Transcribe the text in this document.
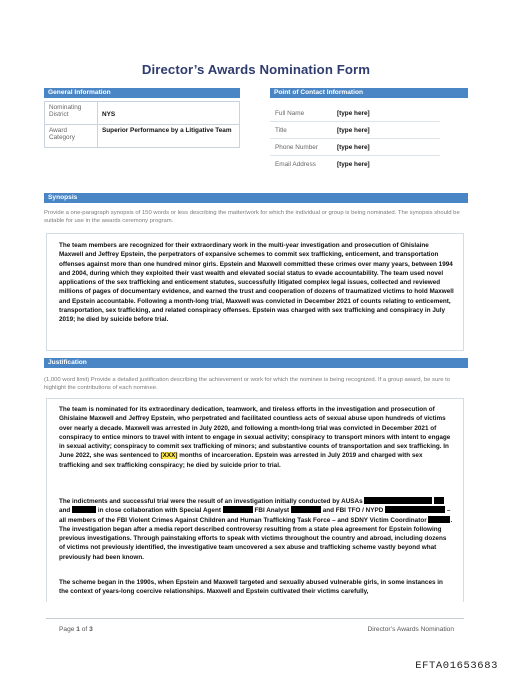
Director’s Awards Nomination Form
General Information
Nominating District	NYS
Award Category	Superior Performance by a Litigative Team
Point of Contact Information
Full Name	[type here]
Title	[type here]
Phone Number	[type here]
Email Address	[type here]
Synopsis
Provide a one-paragraph synopsis of 150 words or less describing the matter/work for which the individual or group is being nominated. The synopsis should be suitable for use in the awards ceremony program.
The team members are recognized for their extraordinary work in the multi-year investigation and prosecution of Ghislaine Maxwell and Jeffrey Epstein, the perpetrators of expansive schemes to commit sex trafficking, enticement, and transportation offenses against more than one hundred minor girls. Epstein and Maxwell committed these crimes over many years, between 1994 and 2004, during which they exploited their vast wealth and elevated social status to evade accountability. The team used novel applications of the sex trafficking and enticement statutes, successfully litigated complex legal issues, collected and reviewed millions of pages of documentary evidence, and earned the trust and cooperation of dozens of traumatized victims to hold Maxwell and Epstein accountable. Following a month-long trial, Maxwell was convicted in December 2021 of counts relating to enticement, transportation, sex trafficking, and related conspiracy offenses. Epstein was charged with sex trafficking and conspiracy in July 2019; he died by suicide before trial.
Justification
(1,000 word limit) Provide a detailed justification describing the achievement or work for which the nominee is being recognized. If a group award, be sure to highlight the contributions of each nominee.
The team is nominated for its extraordinary dedication, teamwork, and tireless efforts in the investigation and prosecution of Ghislaine Maxwell and Jeffrey Epstein, who perpetrated and facilitated countless acts of sexual abuse upon hundreds of victims over nearly a decade. Maxwell was arrested in July 2020, and following a month-long trial was convicted in December 2021 of conspiracy to entice minors to travel with intent to engage in sexual activity; conspiracy to transport minors with intent to engage in sexual activity; conspiracy to commit sex trafficking of minors; and substantive counts of transportation and sex trafficking. In June 2022, she was sentenced to [XXX] months of incarceration. Epstein was arrested in July 2019 and charged with sex trafficking and sex trafficking conspiracy; he died by suicide prior to trial.
The indictments and successful trial were the result of an investigation initially conducted by AUSAs   and	in close collaboration with Special Agent	FBI Analyst	and FBI TFO / NYPD	– all members of the FBI Violent Crimes Against Children and Human Trafficking Task Force – and SDNY Victim Coordinator	. The investigation began after a media report described controversy resulting from a state plea agreement for Epstein following previous investigations. Through painstaking efforts to speak with victims throughout the country and abroad, including dozens of victims not previously identified, the investigative team uncovered a sex abuse and trafficking scheme vastly beyond what previously had been known.
The scheme began in the 1990s, when Epstein and Maxwell targeted and sexually abused vulnerable girls, in some instances in the context of years-long coercive relationships. Maxwell and Epstein cultivated their victims carefully,
Page 1 of 3	Director’s Awards Nomination
EFTA01653683
